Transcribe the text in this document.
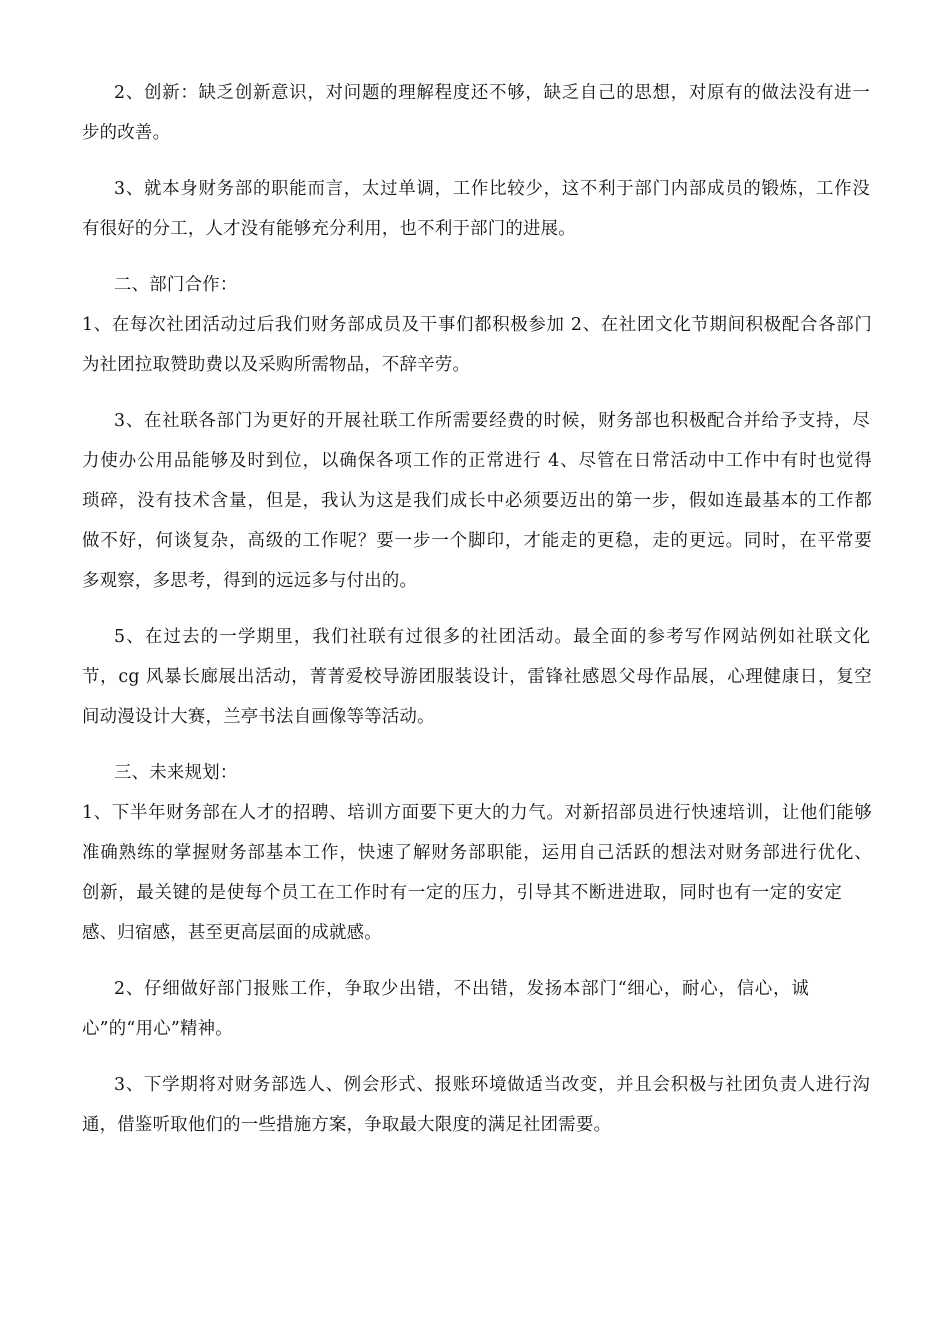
2、创新：缺乏创新意识，对问题的理解程度还不够，缺乏自己的思想，对原有的做法没有进一
步的改善。
3、就本身财务部的职能而言，太过单调，工作比较少，这不利于部门内部成员的锻炼，工作没
有很好的分工，人才没有能够充分利用，也不利于部门的进展。
二、部门合作：
1、在每次社团活动过后我们财务部成员及干事们都积极参加 2、在社团文化节期间积极配合各部门
为社团拉取赞助费以及采购所需物品，不辞辛劳。
3、在社联各部门为更好的开展社联工作所需要经费的时候，财务部也积极配合并给予支持，尽
力使办公用品能够及时到位，以确保各项工作的正常进行 4、尽管在日常活动中工作中有时也觉得
琐碎，没有技术含量，但是，我认为这是我们成长中必须要迈出的第一步，假如连最基本的工作都
做不好，何谈复杂，高级的工作呢？要一步一个脚印，才能走的更稳，走的更远。同时，在平常要
多观察，多思考，得到的远远多与付出的。
5、在过去的一学期里，我们社联有过很多的社团活动。最全面的参考写作网站例如社联文化
节，cg 风暴长廊展出活动，菁菁爱校导游团服装设计，雷锋社感恩父母作品展，心理健康日，复空
间动漫设计大赛，兰亭书法自画像等等活动。
三、未来规划：
1、下半年财务部在人才的招聘、培训方面要下更大的力气。对新招部员进行快速培训，让他们能够
准确熟练的掌握财务部基本工作，快速了解财务部职能，运用自己活跃的想法对财务部进行优化、
创新，最关键的是使每个员工在工作时有一定的压力，引导其不断进进取，同时也有一定的安定
感、归宿感，甚至更高层面的成就感。
2、仔细做好部门报账工作，争取少出错，不出错，发扬本部门“细心，耐心，信心，诚
心”的“用心”精神。
3、下学期将对财务部选人、例会形式、报账环境做适当改变，并且会积极与社团负责人进行沟
通，借鉴听取他们的一些措施方案，争取最大限度的满足社团需要。
